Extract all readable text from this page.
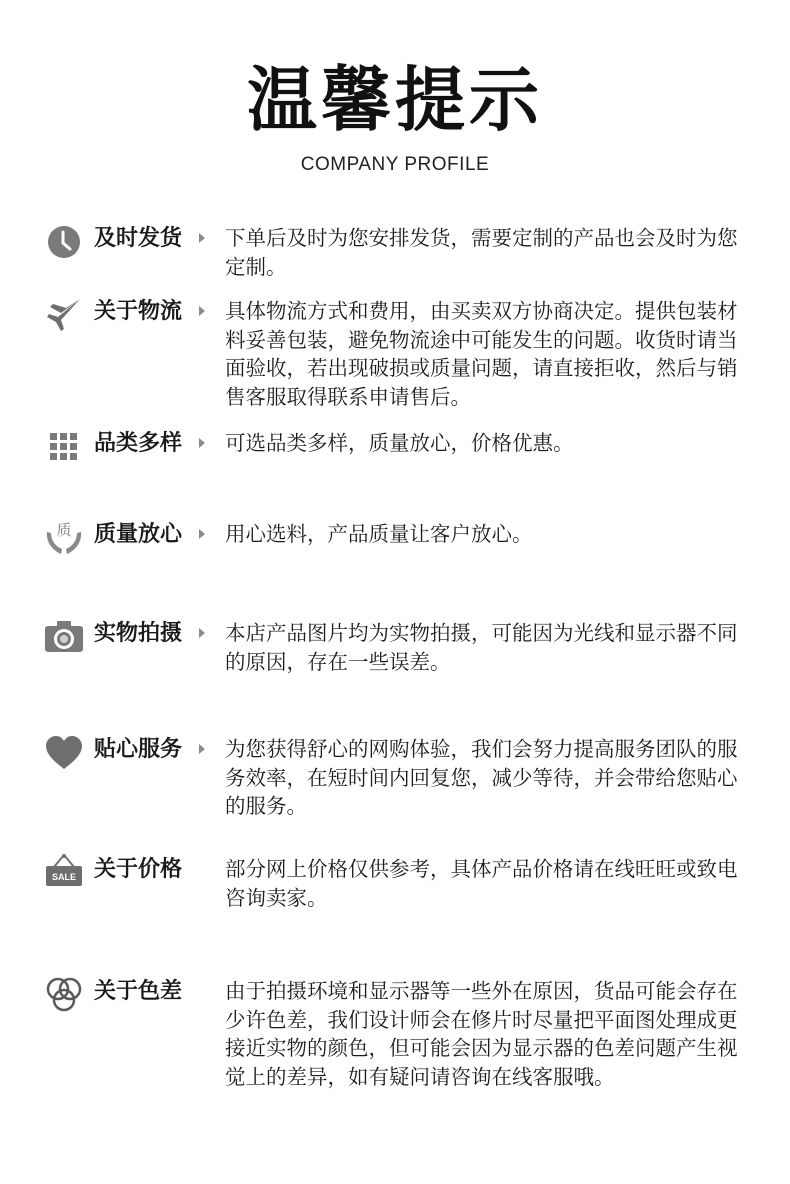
温馨提示
COMPANY PROFILE
及时发货 下单后及时为您安排发货，需要定制的产品也会及时为您定制。
关于物流 具体物流方式和费用，由买卖双方协商决定。提供包装材料妥善包装，避免物流途中可能发生的问题。收货时请当面验收，若出现破损或质量问题，请直接拒收，然后与销售客服取得联系申请售后。
品类多样 可选品类多样，质量放心，价格优惠。
质 质量放心 用心选料，产品质量让客户放心。
实物拍摄 本店产品图片均为实物拍摄，可能因为光线和显示器不同的原因，存在一些误差。
贴心服务 为您获得舒心的网购体验，我们会努力提高服务团队的服务效率，在短时间内回复您，减少等待，并会带给您贴心的服务。
SALE 关于价格 部分网上价格仅供参考，具体产品价格请在线旺旺或致电咨询卖家。
关于色差 由于拍摄环境和显示器等一些外在原因，货品可能会存在少许色差，我们设计师会在修片时尽量把平面图处理成更接近实物的颜色，但可能会因为显示器的色差问题产生视觉上的差异，如有疑问请咨询在线客服哦。
